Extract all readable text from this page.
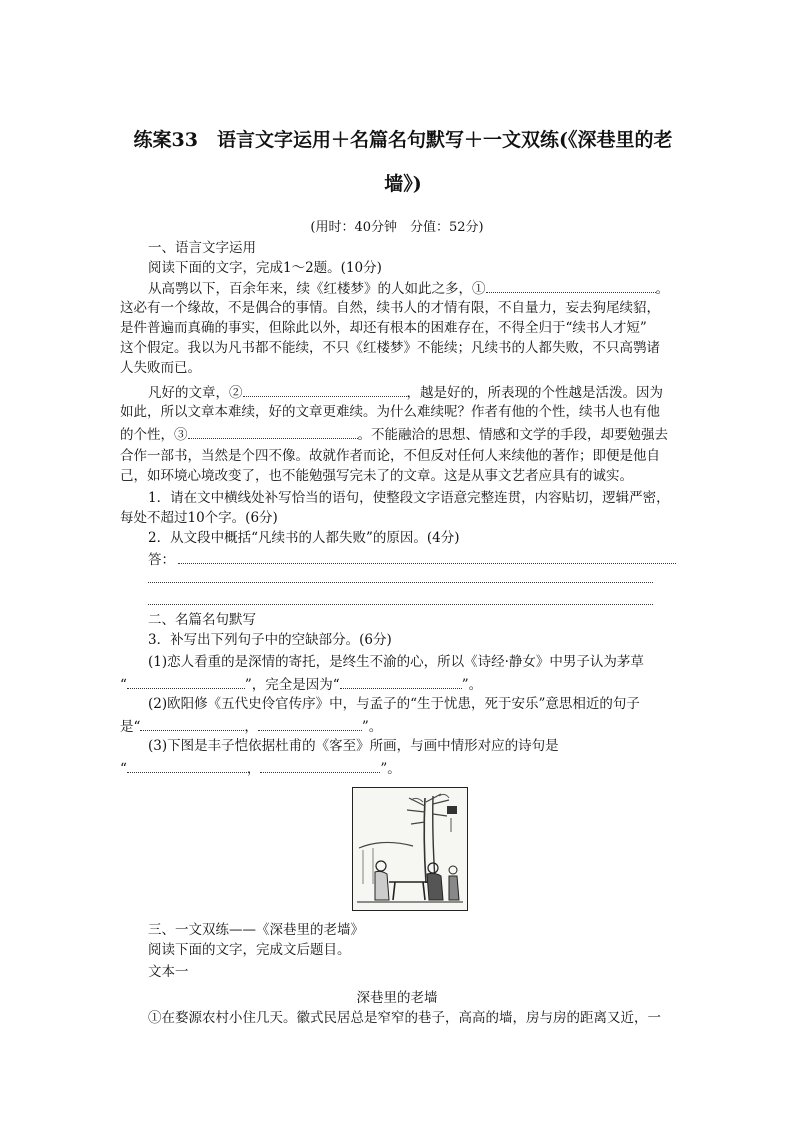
练案33　语言文字运用＋名篇名句默写＋一文双练(《深巷里的老
墙》)
(用时：40分钟　分值：52分)
一、语言文字运用
阅读下面的文字，完成1～2题。(10分)
从高鹗以下，百余年来，续《红楼梦》的人如此之多，①	。
这必有一个缘故，不是偶合的事情。自然，续书人的才情有限，不自量力，妄去狗尾续貂，
是件普遍而真确的事实，但除此以外，却还有根本的困难存在，不得全归于“续书人才短”
这个假定。我以为凡书都不能续，不只《红楼梦》不能续；凡续书的人都失败，不只高鹗诸
人失败而已。
凡好的文章，②	，越是好的，所表现的个性越是活泼。因为
如此，所以文章本难续，好的文章更难续。为什么难续呢？作者有他的个性，续书人也有他
的个性，③	。不能融洽的思想、情感和文学的手段，却要勉强去
合作一部书，当然是个四不像。故就作者而论，不但反对任何人来续他的著作；即便是他自
己，如环境心境改变了，也不能勉强写完未了的文章。这是从事文艺者应具有的诚实。
1．请在文中横线处补写恰当的语句，使整段文字语意完整连贯，内容贴切，逻辑严密，
每处不超过10个字。(6分)
2．从文段中概括“凡续书的人都失败”的原因。(4分)
答：
二、名篇名句默写
3．补写出下列句子中的空缺部分。(6分)
(1)恋人看重的是深情的寄托，是终生不渝的心，所以《诗经·静女》中男子认为茅草
“	”，完全是因为“	”。
(2)欧阳修《五代史伶官传序》中，与孟子的“生于忧患，死于安乐”意思相近的句子
是“	，	”。
(3)下图是丰子恺依据杜甫的《客至》所画，与画中情形对应的诗句是
“	，	”。
三、一文双练——《深巷里的老墙》
阅读下面的文字，完成文后题目。
文本一
深巷里的老墙
①在婺源农村小住几天。徽式民居总是窄窄的巷子，高高的墙，房与房的距离又近，一
